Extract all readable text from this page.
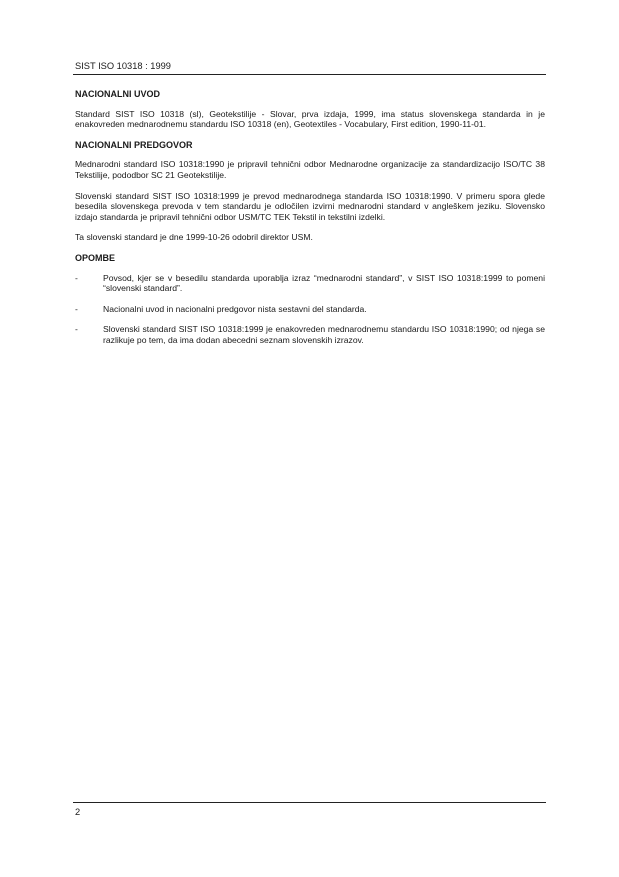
SIST ISO 10318 : 1999
NACIONALNI UVOD
Standard SIST ISO 10318 (sl), Geotekstilije - Slovar, prva izdaja, 1999, ima status slovenskega standarda in je enakovreden mednarodnemu standardu ISO 10318 (en), Geotextiles - Vocabulary, First edition, 1990-11-01.
NACIONALNI PREDGOVOR
Mednarodni standard ISO 10318:1990 je pripravil tehnični odbor Mednarodne organizacije za standardizacijo ISO/TC 38 Tekstilije, pododbor SC 21 Geotekstilije.
Slovenski standard SIST ISO 10318:1999 je prevod mednarodnega standarda ISO 10318:1990. V primeru spora glede besedila slovenskega prevoda v tem standardu je odločilen izvirni mednarodni standard v angleškem jeziku. Slovensko izdajo standarda je pripravil tehnični odbor USM/TC TEK Tekstil in tekstilni izdelki.
Ta slovenski standard je dne 1999-10-26 odobril direktor USM.
OPOMBE
-	Povsod, kjer se v besedilu standarda uporablja izraz “mednarodni standard”, v SIST ISO 10318:1999 to pomeni “slovenski standard”.
-	Nacionalni uvod in nacionalni predgovor nista sestavni del standarda.
-	Slovenski standard SIST ISO 10318:1999 je enakovreden mednarodnemu standardu ISO 10318:1990; od njega se razlikuje po tem, da ima dodan abecedni seznam slovenskih izrazov.
2
